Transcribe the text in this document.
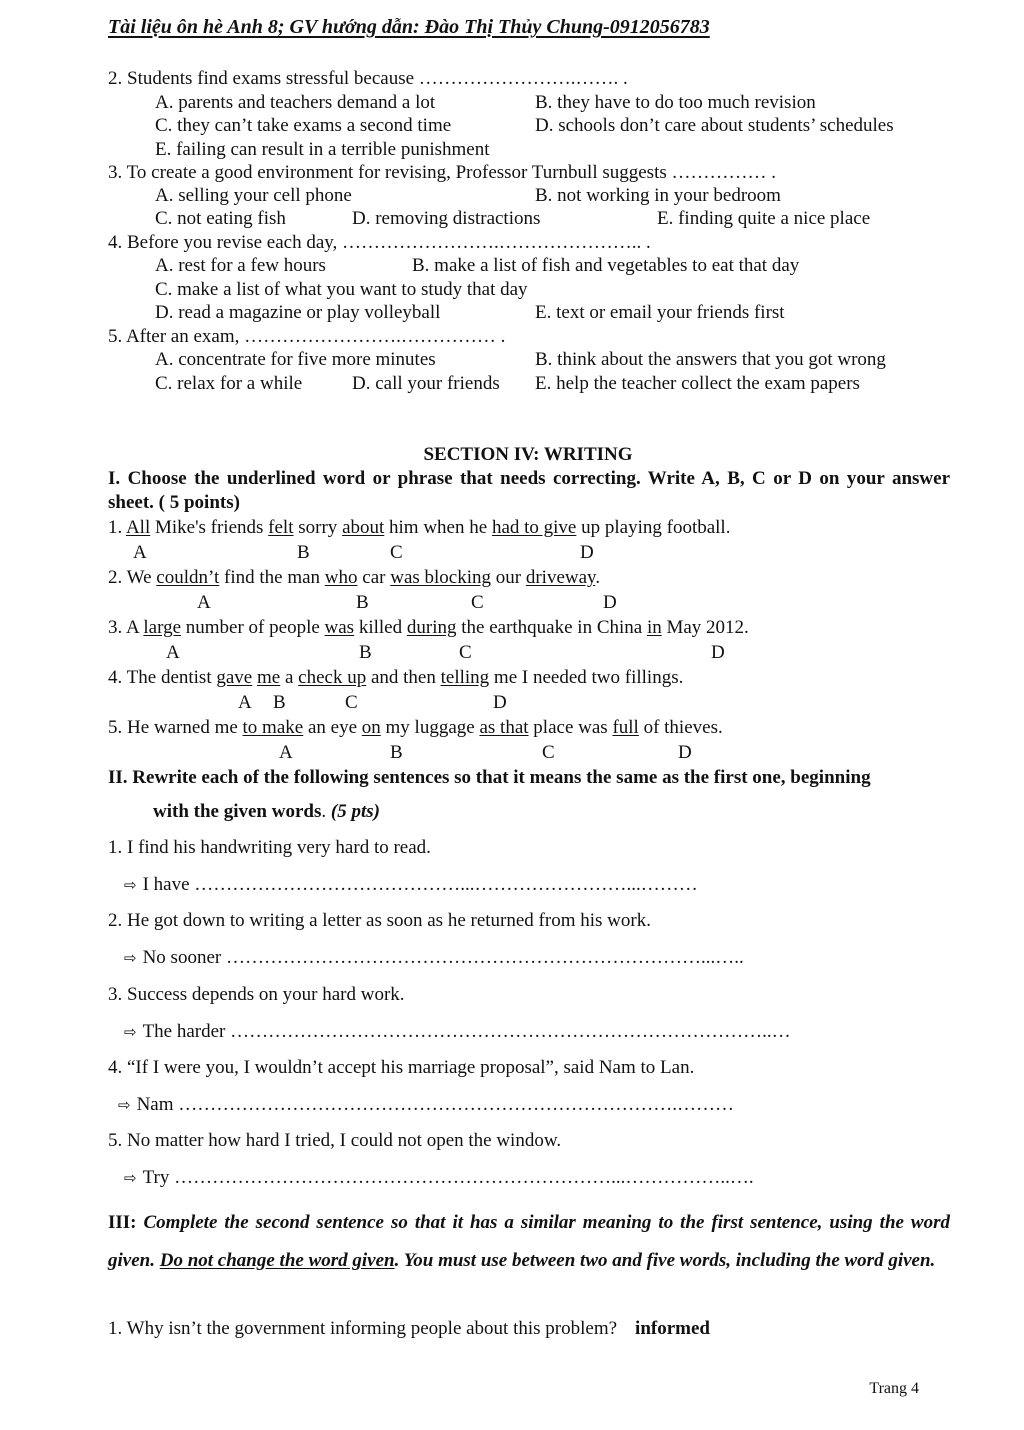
Tài liệu ôn hè Anh 8; GV hướng dẫn: Đào Thị Thủy Chung-0912056783
2. Students find exams stressful because …………………….……. .
A. parents and teachers demand a lot	B. they have to do too much revision
C. they can’t take exams a second time	D. schools don’t care about students’ schedules
E. failing can result in a terrible punishment
3. To create a good environment for revising, Professor Turnbull suggests …………… .
A. selling your cell phone	B. not working in your bedroom
C. not eating fish	D. removing distractions	E. finding quite a nice place
4. Before you revise each day, …………………….………………….. .
A. rest for a few hours	B. make a list of fish and vegetables to eat that day
C. make a list of what you want to study that day
D. read a magazine or play volleyball	E. text or email your friends first
5. After an exam, …………………….…………… .
A. concentrate for five more minutes	B. think about the answers that you got wrong
C. relax for a while	D. call your friends E. help the teacher collect the exam papers
SECTION IV: WRITING
I. Choose the underlined word or phrase that needs correcting. Write A, B, C or D on your answer sheet. ( 5 points)
1. All Mike's friends felt sorry about him when he had to give up playing football.
A	B	C	D
2. We couldn’t find the man who car was blocking our driveway.
A	B	C	D
3. A large number of people was killed during the earthquake in China in May 2012.
A	B	C	D
4. The dentist gave me a check up and then telling me I needed two fillings.
A B	C	D
5. He warned me to make an eye on my luggage as that place was full of thieves.
A	B	C	D
II. Rewrite each of the following sentences so that it means the same as the first one, beginning
with the given words. (5 pts)
1. I find his handwriting very hard to read.
⇨ I have ……………………………………...……………………...………
2. He got down to writing a letter as soon as he returned from his work.
⇨ No sooner …………………………………………………………………...…..
3. Success depends on your hard work.
⇨ The harder …………………………………………………………………………..…
4. “If I were you, I wouldn’t accept his marriage proposal”, said Nam to Lan.
⇨ Nam …………………………………………………………………….………
5. No matter how hard I tried, I could not open the window.
⇨ Try ……………………………………………………………...……………..….
III: Complete the second sentence so that it has a similar meaning to the first sentence, using the word given. Do not change the word given. You must use between two and five words, including the word given.
1. Why isn’t the government informing people about this problem? informed
Trang 4
